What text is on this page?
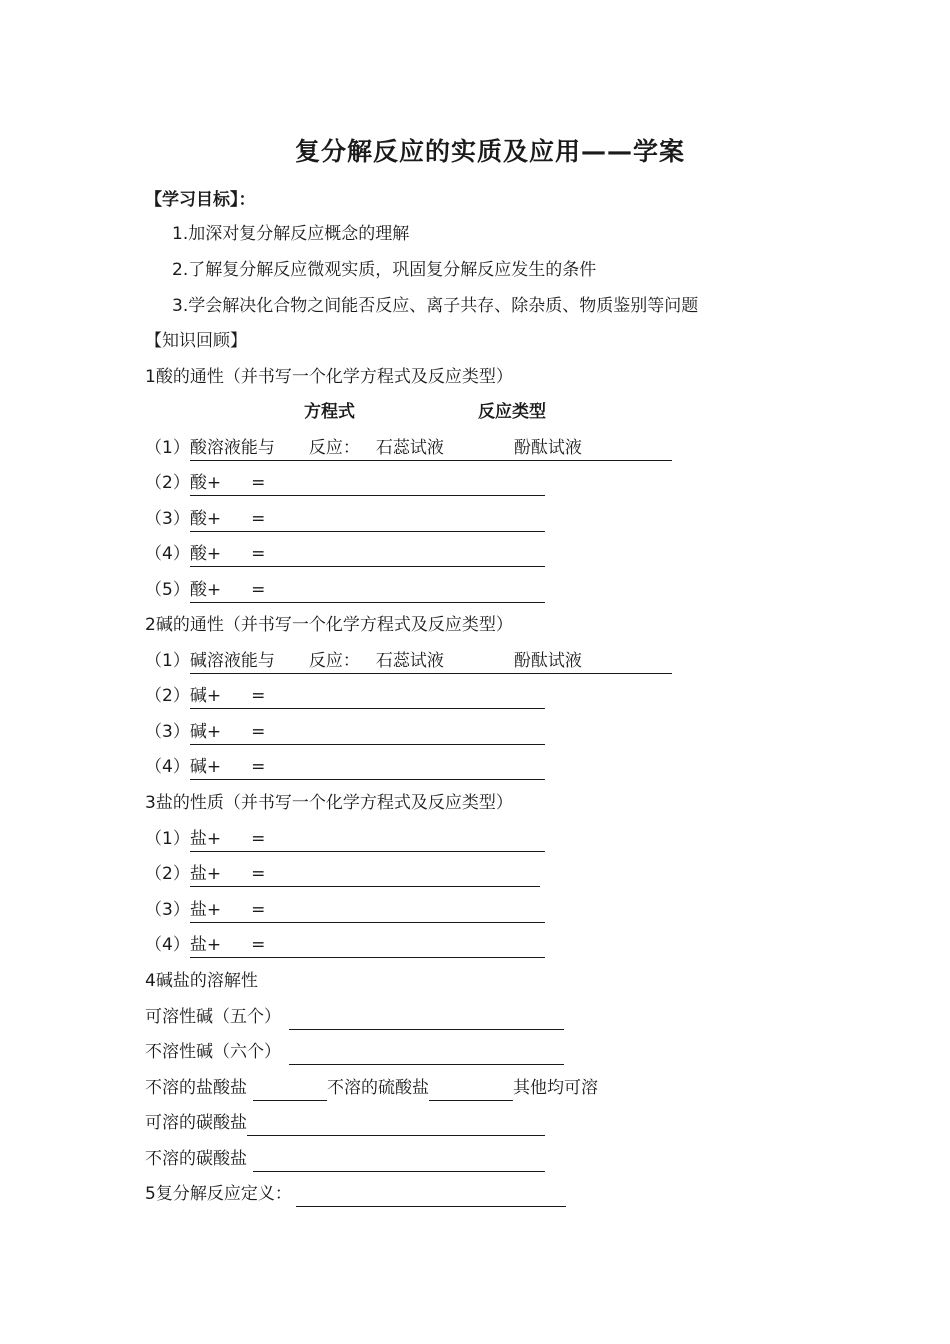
复分解反应的实质及应用——学案
【学习目标】：
1.加深对复分解反应概念的理解
2.了解复分解反应微观实质，巩固复分解反应发生的条件
3.学会解决化合物之间能否反应、离子共存、除杂质、物质鉴别等问题
【知识回顾】
1酸的通性（并书写一个化学方程式及反应类型）
方程式	反应类型
（1）酸溶液能与 反应： 石蕊试液	酚酞试液
（2）酸+ =
（3）酸+ =
（4）酸+ =
（5）酸+ =
2碱的通性（并书写一个化学方程式及反应类型）
（1）碱溶液能与 反应： 石蕊试液	酚酞试液
（2）碱+ =
（3）碱+ =
（4）碱+ =
3盐的性质（并书写一个化学方程式及反应类型）
（1）盐+ =
（2）盐+ =
（3）盐+ =
（4）盐+ =
4碱盐的溶解性
可溶性碱（五个）
不溶性碱（六个）
不溶的盐酸盐	不溶的硫酸盐	其他均可溶
可溶的碳酸盐
不溶的碳酸盐
5复分解反应定义：
